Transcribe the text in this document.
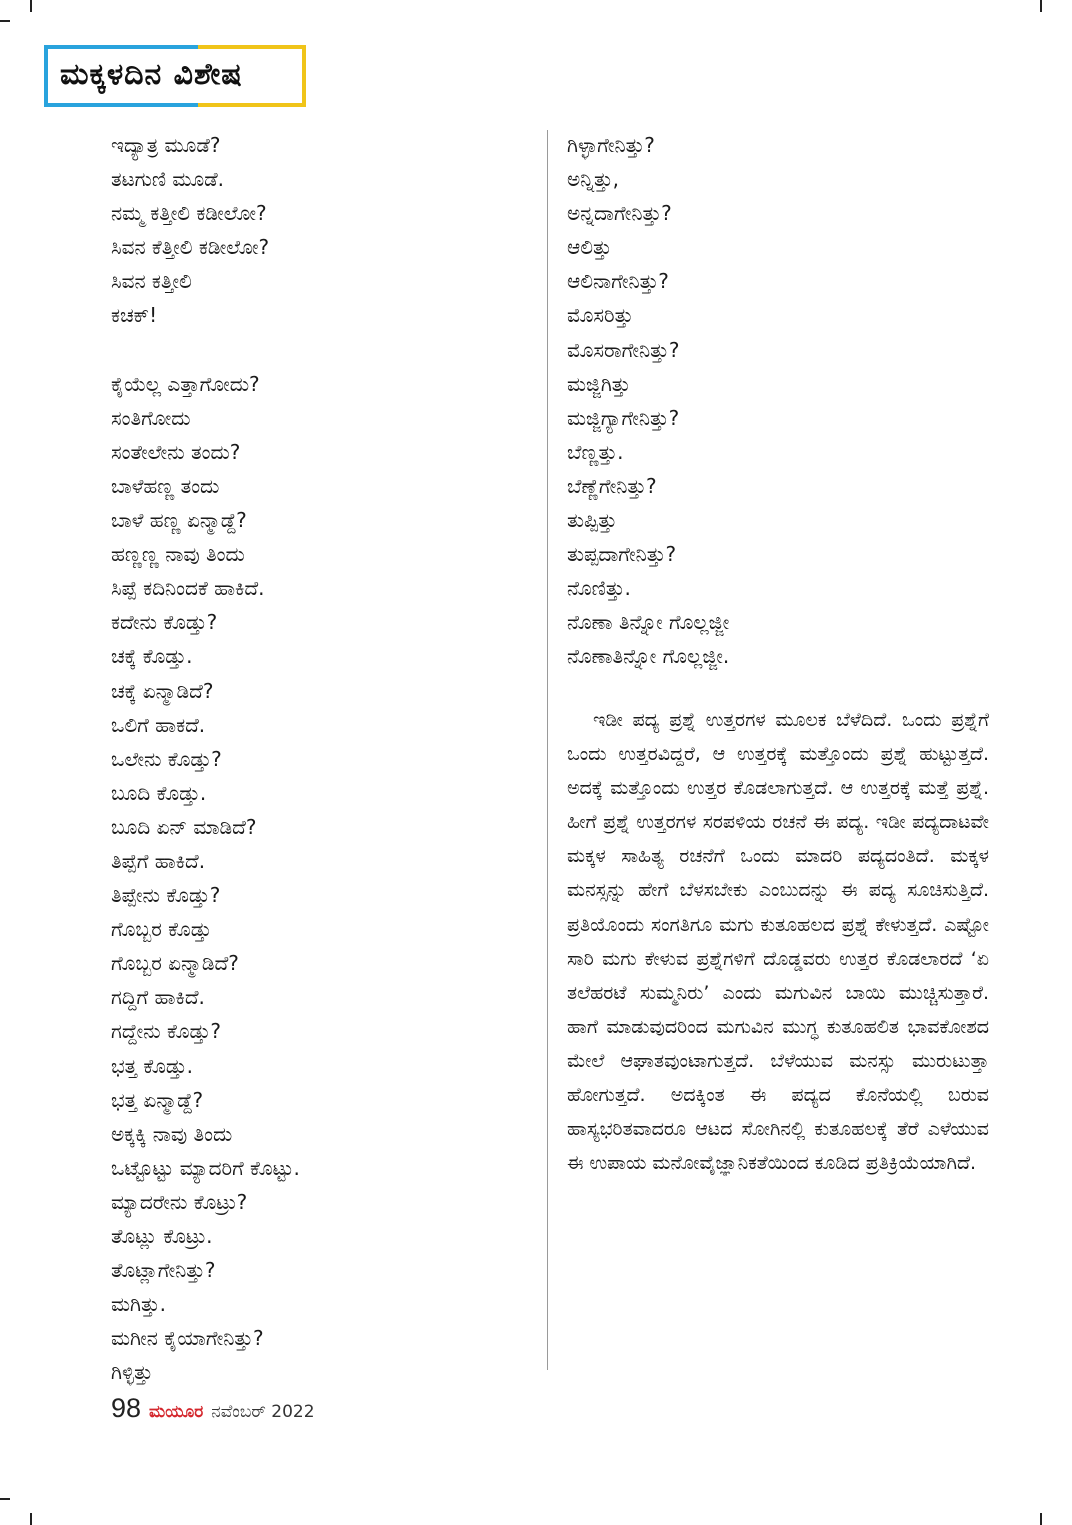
ಮಕ್ಕಳದಿನ ವಿಶೇಷ
ಇದ್ಯಾತ್ರ ಮೂಡೆ?
ತಟಗುಣಿ ಮೂಡೆ.
ನಮ್ಮ ಕತ್ತೀಲಿ ಕಡೀಲೋ?
ಸಿವನ ಕೆತ್ತೀಲಿ ಕಡೀಲೋ?
ಸಿವನ ಕತ್ತೀಲಿ
ಕಚಕ್!
ಕೈಯೆಲ್ಲ ಎತ್ತಾಗೋದು?
ಸಂತಿಗೋದು
ಸಂತೇಲೇನು ತಂದು?
ಬಾಳೆಹಣ್ಣ ತಂದು
ಬಾಳೆ ಹಣ್ಣ ಏನ್ಮಾಡ್ದೆ?
ಹಣ್ಣಣ್ಣ ನಾವು ತಿಂದು
ಸಿಪ್ಪೆ ಕದಿನಿಂದಕೆ ಹಾಕಿದೆ.
ಕದೇನು ಕೊಡ್ತು?
ಚಕ್ಕೆ ಕೊಡ್ತು.
ಚಕ್ಕೆ ಏನ್ಮಾಡಿದೆ?
ಒಲಿಗೆ ಹಾಕದೆ.
ಒಲೇನು ಕೊಡ್ತು?
ಬೂದಿ ಕೊಡ್ತು.
ಬೂದಿ ಏನ್ ಮಾಡಿದೆ?
ತಿಪ್ಪೆಗೆ ಹಾಕಿದೆ.
ತಿಪ್ಪೇನು ಕೊಡ್ತು?
ಗೊಬ್ಬರ ಕೊಡ್ತು
ಗೊಬ್ಬರ ಏನ್ಮಾಡಿದೆ?
ಗದ್ದಿಗೆ ಹಾಕಿದೆ.
ಗದ್ದೇನು ಕೊಡ್ತು?
ಭತ್ತ ಕೊಡ್ತು.
ಭತ್ತ ಏನ್ಮಾಡ್ದೆ?
ಅಕ್ಕಕ್ಕಿ ನಾವು ತಿಂದು
ಒಟ್ಟೊಟ್ಟು ಮ್ಯಾದರಿಗೆ ಕೊಟ್ಟು.
ಮ್ಯಾದರೇನು ಕೊಟ್ರು?
ತೊಟ್ಲು ಕೊಟ್ರು.
ತೊಟ್ಲಾಗೇನಿತ್ತು?
ಮಗಿತ್ತು.
ಮಗೀನ ಕೈಯಾಗೇನಿತ್ತು?
ಗಿಳ್ಳಿತ್ತು
ಗಿಳ್ಳಾಗೇನಿತ್ತು?
ಅನ್ನಿತ್ತು,
ಅನ್ನದಾಗೇನಿತ್ತು?
ಆಲಿತ್ತು
ಆಲಿನಾಗೇನಿತ್ತು?
ಮೊಸರಿತ್ತು
ಮೊಸರಾಗೇನಿತ್ತು?
ಮಜ್ಜಿಗಿತ್ತು
ಮಜ್ಜಿಗ್ಯಾಗೇನಿತ್ತು?
ಬೆಣ್ಣತ್ತು.
ಬೆಣ್ಣೆಗೇನಿತ್ತು?
ತುಪ್ಪಿತ್ತು
ತುಪ್ಪದಾಗೇನಿತ್ತು?
ನೊಣಿತ್ತು.
ನೊಣಾ ತಿನ್ನೋ ಗೊಲ್ಲಜ್ಜೀ
ನೊಣಾತಿನ್ನೋ ಗೊಲ್ಲಜ್ಜೀ.
ಇಡೀ ಪದ್ಯ ಪ್ರಶ್ನೆ ಉತ್ತರಗಳ ಮೂಲಕ ಬೆಳೆದಿದೆ. ಒಂದು ಪ್ರಶ್ನೆಗೆ ಒಂದು ಉತ್ತರವಿದ್ದರೆ, ಆ ಉತ್ತರಕ್ಕೆ ಮತ್ತೊಂದು ಪ್ರಶ್ನೆ ಹುಟ್ಟುತ್ತದೆ. ಅದಕ್ಕೆ ಮತ್ತೊಂದು ಉತ್ತರ ಕೊಡಲಾಗುತ್ತದೆ. ಆ ಉತ್ತರಕ್ಕೆ ಮತ್ತೆ ಪ್ರಶ್ನೆ. ಹೀಗೆ ಪ್ರಶ್ನೆ ಉತ್ತರಗಳ ಸರಪಳಿಯ ರಚನೆ ಈ ಪದ್ಯ. ಇಡೀ ಪದ್ಯದಾಟವೇ ಮಕ್ಕಳ ಸಾಹಿತ್ಯ ರಚನೆಗೆ ಒಂದು ಮಾದರಿ ಪದ್ಯದಂತಿದೆ. ಮಕ್ಕಳ ಮನಸ್ಸನ್ನು ಹೇಗೆ ಬೆಳಸಬೇಕು ಎಂಬುದನ್ನು ಈ ಪದ್ಯ ಸೂಚಿಸುತ್ತಿದೆ. ಪ್ರತಿಯೊಂದು ಸಂಗತಿಗೂ ಮಗು ಕುತೂಹಲದ ಪ್ರಶ್ನೆ ಕೇಳುತ್ತದೆ. ಎಷ್ಟೋ ಸಾರಿ ಮಗು ಕೇಳುವ ಪ್ರಶ್ನೆಗಳಿಗೆ ದೊಡ್ಡವರು ಉತ್ತರ ಕೊಡಲಾರದೆ ‘ಏ ತಲೆಹರಟೆ ಸುಮ್ಮನಿರು’ ಎಂದು ಮಗುವಿನ ಬಾಯಿ ಮುಚ್ಚಿಸುತ್ತಾರೆ. ಹಾಗೆ ಮಾಡುವುದರಿಂದ ಮಗುವಿನ ಮುಗ್ಧ ಕುತೂಹಲಿತ ಭಾವಕೋಶದ ಮೇಲೆ ಆಘಾತವುಂಟಾಗುತ್ತದೆ. ಬೆಳೆಯುವ ಮನಸ್ಸು ಮುರುಟುತ್ತಾ ಹೋಗುತ್ತದೆ. ಅದಕ್ಕಿಂತ ಈ ಪದ್ಯದ ಕೊನೆಯಲ್ಲಿ ಬರುವ ಹಾಸ್ಯಭರಿತವಾದರೂ ಆಟದ ಸೋಗಿನಲ್ಲಿ ಕುತೂಹಲಕ್ಕೆ ತೆರೆ ಎಳೆಯುವ ಈ ಉಪಾಯ ಮನೋವೈಜ್ಞಾನಿಕತೆಯಿಂದ ಕೂಡಿದ ಪ್ರತಿಕ್ರಿಯೆಯಾಗಿದೆ.
98 ಮಯೂರ ನವೆಂಬರ್ 2022
